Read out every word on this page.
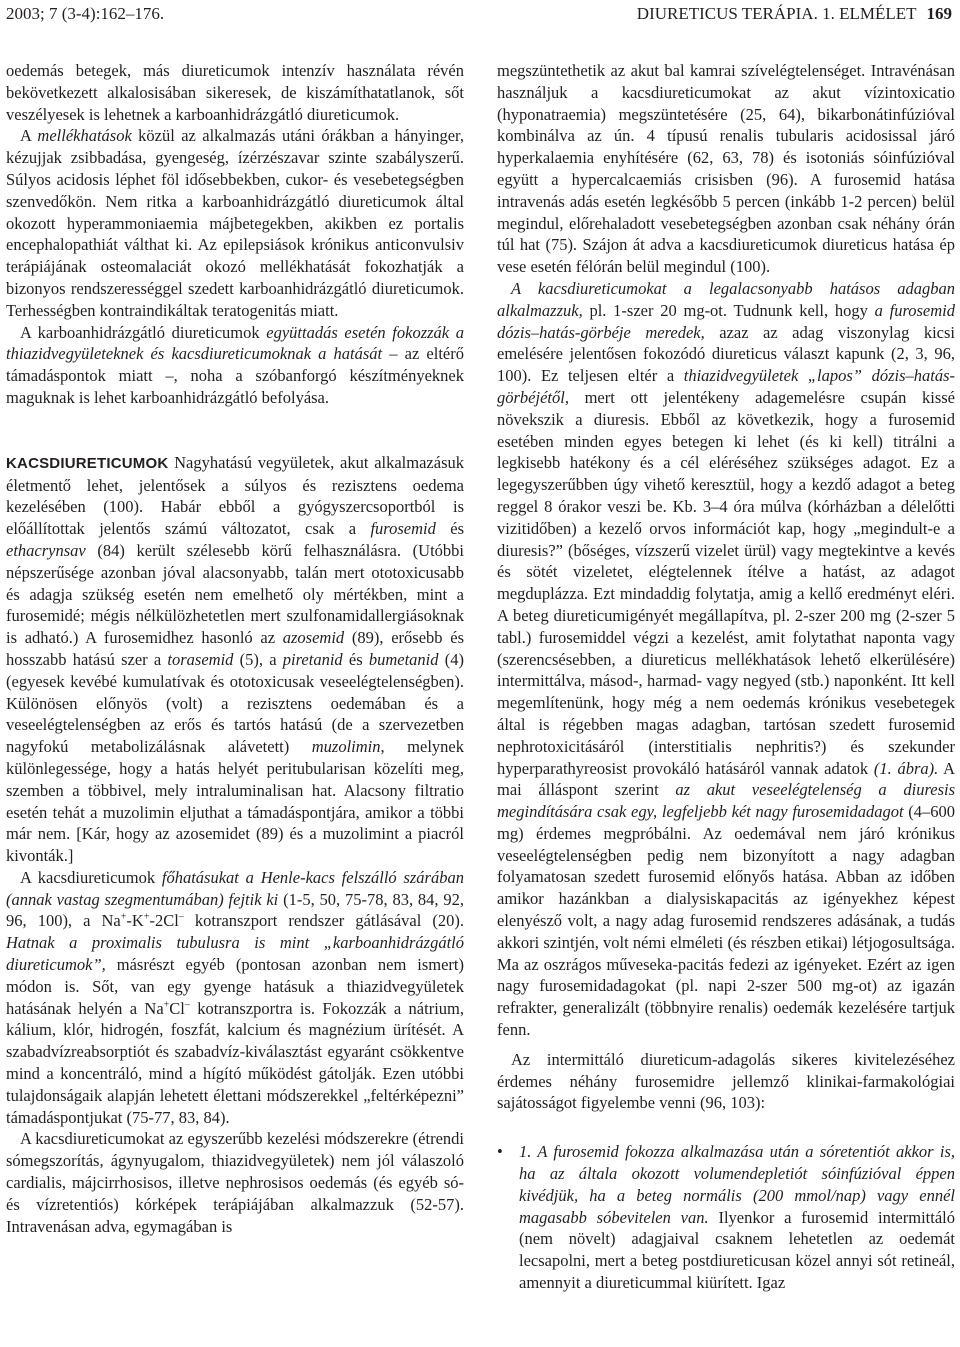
2003; 7 (3-4):162–176.	DIURETICUS TERÁPIA. 1. ELMÉLET 169

oedemás betegek, más diureticumok intenzív használata révén bekövetkezett alkalosisában sikeresek, de kiszámíthatatlanok, sőt veszélyesek is lehetnek a karboanhidrázgátló diureticumok.

A mellékhatások közül az alkalmazás utáni órákban a hányinger, kézujjak zsibbadása, gyengeség, ízérzészavar szinte szabályszerű. Súlyos acidosis léphet föl idősebbekben, cukor- és vesebetegségben szenvedőkön. Nem ritka a karboanhidrázgátló diureticumok által okozott hyperammoniaemia májbetegekben, akikben ez portalis encephalopathiát válthat ki. Az epilepsiások krónikus anticonvulsiv terápiájának osteomalaciát okozó mellékhatását fokozhatják a bizonyos rendszerességgel szedett karboanhidrázgátló diureticumok. Terhességben kontraindikáltak teratogenitás miatt.

A karboanhidrázgátló diureticumok együttadás esetén fokozzák a thiazidvegyületeknek és kacsdiureticumoknak a hatását – az eltérő támadáspontok miatt –, noha a szóbanforgó készítményeknek maguknak is lehet karboanhidrázgátló befolyása.

KACSDIURETICUMOK Nagyhatású vegyületek, akut alkalmazásuk életmentő lehet, jelentősek a súlyos és rezisztens oedema kezelésében (100). Habár ebből a gyógyszercsoportból is előállítottak jelentős számú változatot, csak a furosemid és ethacrynsav (84) került szélesebb körű felhasználásra. (Utóbbi népszerűsége azonban jóval alacsonyabb, talán mert ototoxicusabb és adagja szükség esetén nem emelhető oly mértékben, mint a furosemidé; mégis nélkülözhetetlen mert szulfonamidallergiásoknak is adható.) A furosemidhez hasonló az azosemid (89), erősebb és hosszabb hatású szer a torasemid (5), a piretanid és bumetanid (4) (egyesek kevébé kumulatívak és ototoxicusak veseelégtelenségben). Különösen előnyös (volt) a rezisztens oedemában és a veseelégtelenségben az erős és tartós hatású (de a szervezetben nagyfokú metabolizálásnak alávetett) muzolimin, melynek különlegessége, hogy a hatás helyét peritubularisan közelíti meg, szemben a többivel, mely intraluminalisan hat. Alacsony filtratio esetén tehát a muzolimin eljuthat a támadáspontjára, amikor a többi már nem. [Kár, hogy az azosemidet (89) és a muzolimint a piacról kivonták.]

A kacsdiureticumok főhatásukat a Henle-kacs felszálló szárában (annak vastag szegmentumában) fejtik ki (1-5, 50, 75-78, 83, 84, 92, 96, 100), a Na+-K+-2Cl– kotranszport rendszer gátlásával (20). Hatnak a proximalis tubulusra is mint „karboanhidrázgátló diureticumok”, másrészt egyéb (pontosan azonban nem ismert) módon is. Sőt, van egy gyenge hatásuk a thiazidvegyületek hatásának helyén a Na+Cl– kotranszportra is. Fokozzák a nátrium, kálium, klór, hidrogén, foszfát, kalcium és magnézium ürítését. A szabadvízreabsorptiót és szabadvíz-kiválasztást egyaránt csökkentve mind a koncentráló, mind a hígító működést gátolják. Ezen utóbbi tulajdonságaik alapján lehetett élettani módszerekkel „feltérképezni” támadáspontjukat (75-77, 83, 84).

A kacsdiureticumokat az egyszerűbb kezelési módszerekre (étrendi sómegszorítás, ágynyugalom, thiazidvegyületek) nem jól válaszoló cardialis, májcirrhosisos, illetve nephrosisos oedemás (és egyéb só- és vízretentiós) kórképek terápiájában alkalmazzuk (52-57). Intravenásan adva, egymagában is

megszüntethetik az akut bal kamrai szívelégtelenséget. Intravénásan használjuk a kacsdiureticumokat az akut vízintoxicatio (hyponatraemia) megszüntetésére (25, 64), bikarbonátinfúzióval kombinálva az ún. 4 típusú renalis tubularis acidosissal járó hyperkalaemia enyhítésére (62, 63, 78) és isotoniás sóinfúzióval együtt a hypercalcaemiás crisisben (96). A furosemid hatása intravenás adás esetén legkésőbb 5 percen (inkább 1-2 percen) belül megindul, előrehaladott vesebetegségben azonban csak néhány órán túl hat (75). Szájon át adva a kacsdiureticumok diureticus hatása ép vese esetén félórán belül megindul (100).

A kacsdiureticumokat a legalacsonyabb hatásos adagban alkalmazzuk, pl. 1-szer 20 mg-ot. Tudnunk kell, hogy a furosemid dózis–hatás-görbéje meredek, azaz az adag viszonylag kicsi emelésére jelentősen fokozódó diureticus választ kapunk (2, 3, 96, 100). Ez teljesen eltér a thiazidvegyületek „lapos” dózis–hatás-görbéjétől, mert ott jelentékeny adagemelésre csupán kissé növekszik a diuresis. Ebből az következik, hogy a furosemid esetében minden egyes betegen ki lehet (és ki kell) titrálni a legkisebb hatékony és a cél eléréséhez szükséges adagot. Ez a legegyszerűbben úgy vihető keresztül, hogy a kezdő adagot a beteg reggel 8 órakor veszi be. Kb. 3–4 óra múlva (kórházban a délelőtti vizitidőben) a kezelő orvos információt kap, hogy „megindult-e a diuresis?” (bőséges, vízszerű vizelet ürül) vagy megtekintve a kevés és sötét vizeletet, elégtelennek ítélve a hatást, az adagot megduplázza. Ezt mindaddig folytatja, amig a kellő eredményt eléri. A beteg diureticumigényét megállapítva, pl. 2-szer 200 mg (2-szer 5 tabl.) furosemiddel végzi a kezelést, amit folytathat naponta vagy (szerencsésebben, a diureticus mellékhatások lehető elkerülésére) intermittálva, másod-, harmad- vagy negyed (stb.) naponként. Itt kell megemlítenünk, hogy még a nem oedemás krónikus vesebetegek által is régebben magas adagban, tartósan szedett furosemid nephrotoxicitásáról (interstitialis nephritis?) és szekunder hyperparathyreosist provokáló hatásáról vannak adatok (1. ábra). A mai álláspont szerint az akut veseelégtelenség a diuresis megindítására csak egy, legfeljebb két nagy furosemidadagot (4–600 mg) érdemes megpróbálni. Az oedemával nem járó krónikus veseelégtelenségben pedig nem bizonyított a nagy adagban folyamatosan szedett furosemid előnyős hatása. Abban az időben amikor hazánkban a dialysiskapacitás az igényekhez képest elenyésző volt, a nagy adag furosemid rendszeres adásának, a tudás akkori szintjén, volt némi elméleti (és részben etikai) létjogosultsága. Ma az oszrágos műveseka-pacitás fedezi az igényeket. Ezért az igen nagy furosemidadagokat (pl. napi 2-szer 500 mg-ot) az igazán refrakter, generalizált (többnyire renalis) oedemák kezelésére tartjuk fenn.

Az intermittáló diureticum-adagolás sikeres kivitelezéséhez érdemes néhány furosemidre jellemző klinikai-farmakológiai sajátosságot figyelembe venni (96, 103):

• 1. A furosemid fokozza alkalmazása után a sóretentiót akkor is, ha az általa okozott volumendepletiót sóinfúzióval éppen kivédjük, ha a beteg normális (200 mmol/nap) vagy ennél magasabb sóbevitelen van. Ilyenkor a furosemid intermittáló (nem növelt) adagjaival csaknem lehetetlen az oedemát lecsapolni, mert a beteg postdiureticusan közel annyi sót retineál, amennyit a diureticummal kiürített. Igaz
